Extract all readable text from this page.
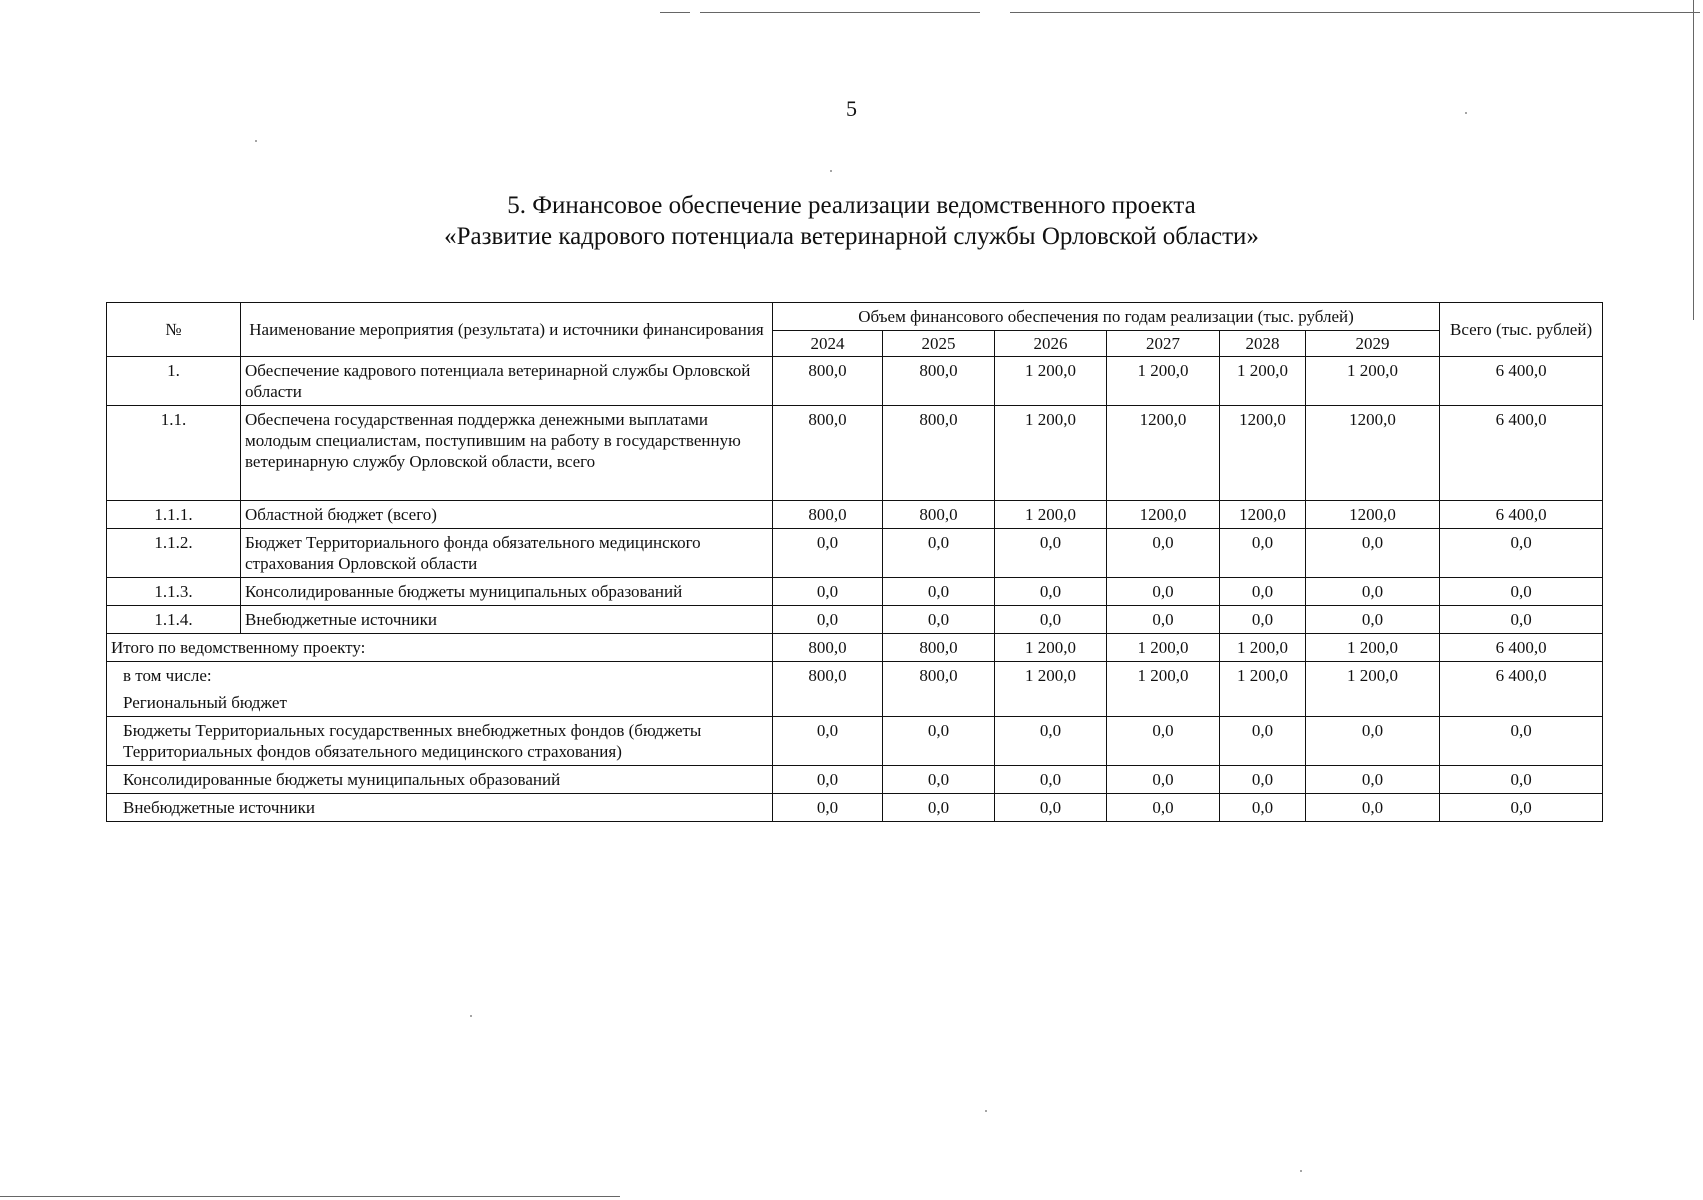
5
5. Финансовое обеспечение реализации ведомственного проекта
«Развитие кадрового потенциала ветеринарной службы Орловской области»
№	Наименование мероприятия (результата) и источники финансирования	Объем финансового обеспечения по годам реализации (тыс. рублей)						Всего (тыс. рублей)
		2024	2025	2026	2027	2028	2029	
1.	Обеспечение кадрового потенциала ветеринарной службы Орловской области	800,0	800,0	1 200,0	1 200,0	1 200,0	1 200,0	6 400,0
1.1.	Обеспечена государственная поддержка денежными выплатами молодым специалистам, поступившим на работу в государственную ветеринарную службу Орловской области, всего	800,0	800,0	1 200,0	1200,0	1200,0	1200,0	6 400,0
1.1.1.	Областной бюджет (всего)	800,0	800,0	1 200,0	1200,0	1200,0	1200,0	6 400,0
1.1.2.	Бюджет Территориального фонда обязательного медицинского страхования Орловской области	0,0	0,0	0,0	0,0	0,0	0,0	0,0
1.1.3.	Консолидированные бюджеты муниципальных образований	0,0	0,0	0,0	0,0	0,0	0,0	0,0
1.1.4.	Внебюджетные источники	0,0	0,0	0,0	0,0	0,0	0,0	0,0
Итого по ведомственному проекту:		800,0	800,0	1 200,0	1 200,0	1 200,0	1 200,0	6 400,0

в том числе:
Региональный бюджет		800,0	800,0	1 200,0	1 200,0	1 200,0	1 200,0	6 400,0
Бюджеты Территориальных государственных внебюджетных фондов (бюджеты Территориальных фондов обязательного медицинского страхования)		0,0	0,0	0,0	0,0	0,0	0,0	0,0
Консолидированные бюджеты муниципальных образований		0,0	0,0	0,0	0,0	0,0	0,0	0,0
Внебюджетные источники		0,0	0,0	0,0	0,0	0,0	0,0	0,0
